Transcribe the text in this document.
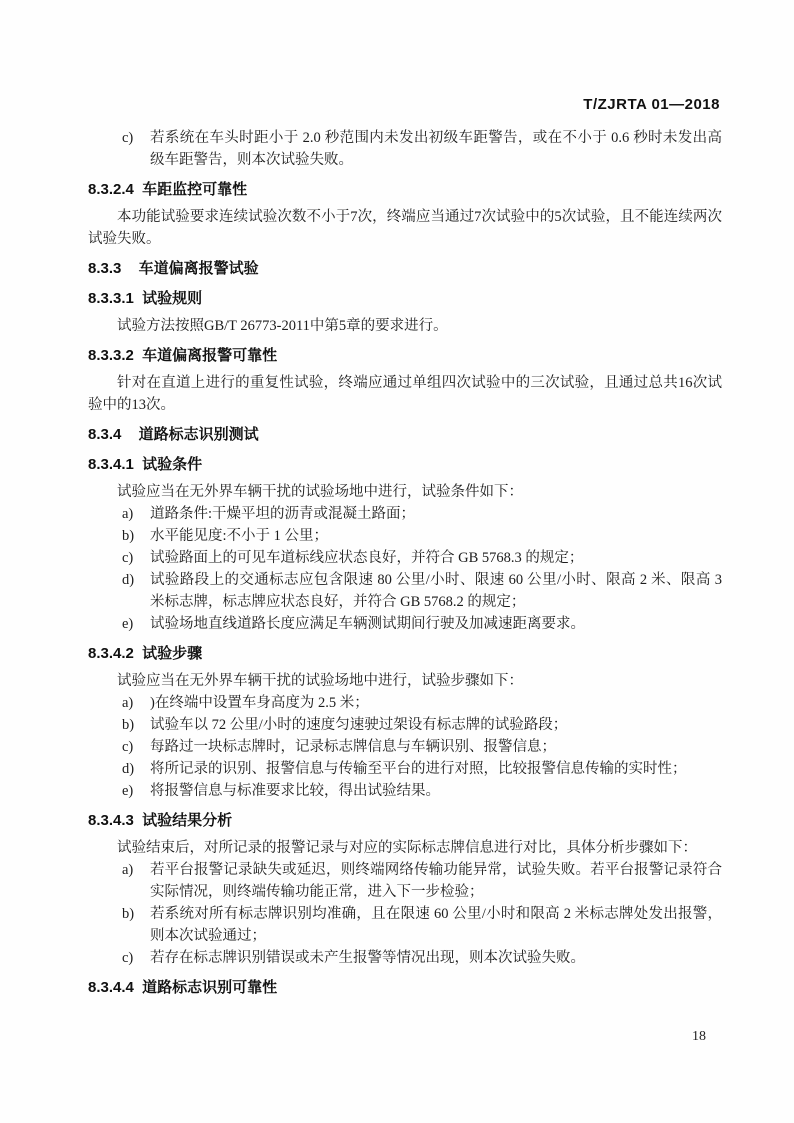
T/ZJRTA 01—2018
c)	若系统在车头时距小于 2.0 秒范围内未发出初级车距警告，或在不小于 0.6 秒时未发出高级车距警告，则本次试验失败。
8.3.2.4 车距监控可靠性

本功能试验要求连续试验次数不小于7次，终端应当通过7次试验中的5次试验，且不能连续两次试验失败。

8.3.3 车道偏离报警试验
8.3.3.1 试验规则

试验方法按照GB/T 26773-2011中第5章的要求进行。

8.3.3.2 车道偏离报警可靠性

针对在直道上进行的重复性试验，终端应通过单组四次试验中的三次试验，且通过总共16次试验中的13次。

8.3.4 道路标志识别测试
8.3.4.1 试验条件

试验应当在无外界车辆干扰的试验场地中进行，试验条件如下：

a)	道路条件:干燥平坦的沥青或混凝土路面；
b)	水平能见度:不小于 1 公里；
c)	试验路面上的可见车道标线应状态良好，并符合 GB 5768.3 的规定；
d)	试验路段上的交通标志应包含限速 80 公里/小时、限速 60 公里/小时、限高 2 米、限高 3 米标志牌，标志牌应状态良好，并符合 GB 5768.2 的规定；
e)	试验场地直线道路长度应满足车辆测试期间行驶及加减速距离要求。
8.3.4.2 试验步骤

试验应当在无外界车辆干扰的试验场地中进行，试验步骤如下：

a)	)在终端中设置车身高度为 2.5 米；
b)	试验车以 72 公里/小时的速度匀速驶过架设有标志牌的试验路段；
c)	每路过一块标志牌时，记录标志牌信息与车辆识别、报警信息；
d)	将所记录的识别、报警信息与传输至平台的进行对照，比较报警信息传输的实时性；
e)	将报警信息与标准要求比较，得出试验结果。
8.3.4.3 试验结果分析

试验结束后，对所记录的报警记录与对应的实际标志牌信息进行对比，具体分析步骤如下：

a)	若平台报警记录缺失或延迟，则终端网络传输功能异常，试验失败。若平台报警记录符合实际情况，则终端传输功能正常，进入下一步检验；
b)	若系统对所有标志牌识别均准确，且在限速 60 公里/小时和限高 2 米标志牌处发出报警，则本次试验通过；
c)	若存在标志牌识别错误或未产生报警等情况出现，则本次试验失败。
8.3.4.4 道路标志识别可靠性
18
